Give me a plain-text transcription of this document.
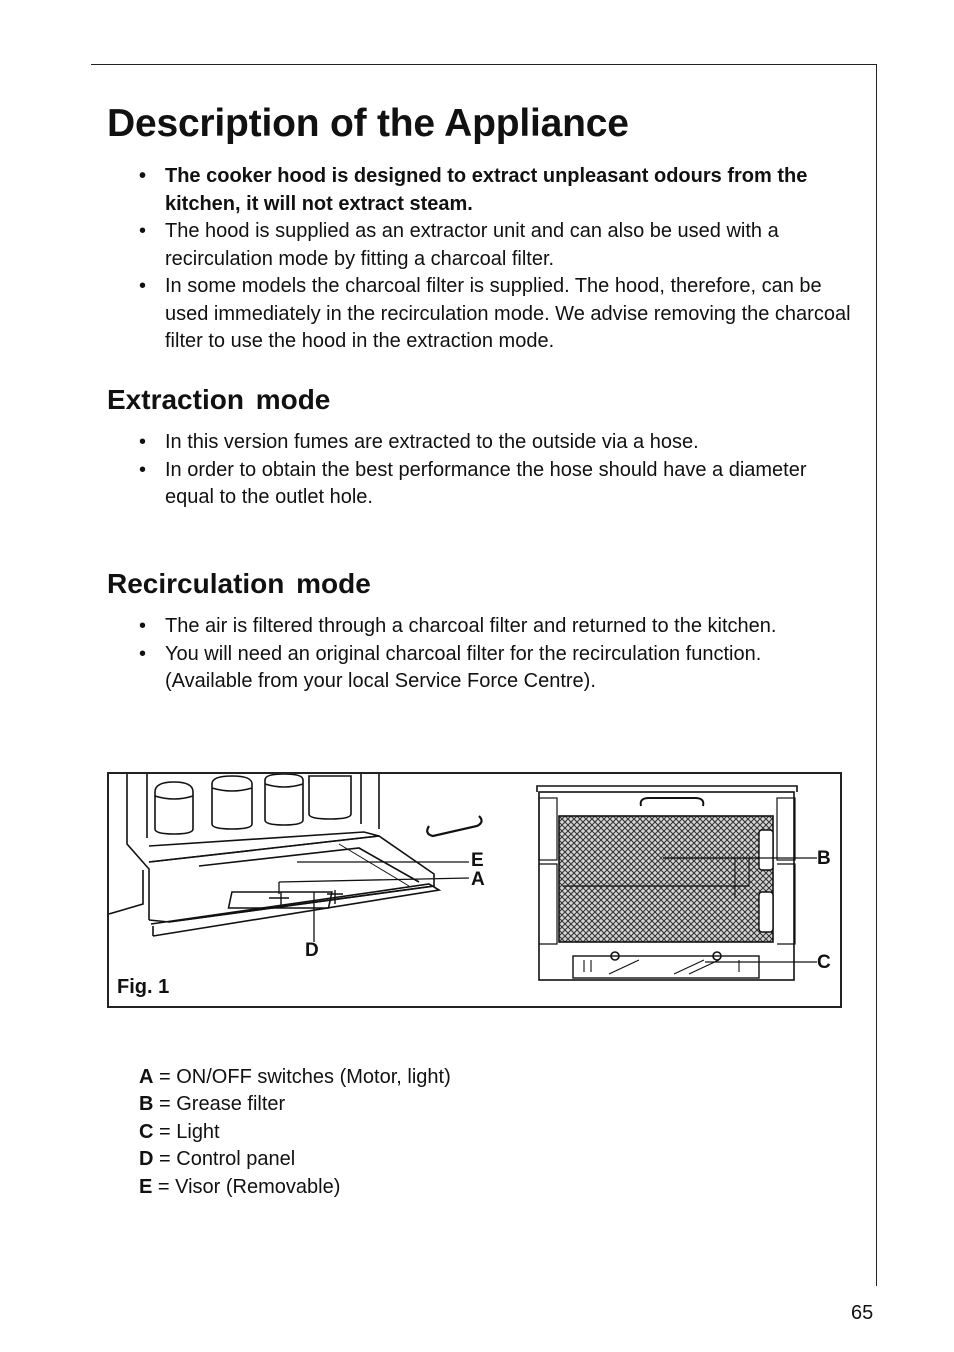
Description of the Appliance
• The cooker hood is designed to extract unpleasant odours from the kitchen, it will not extract steam.
• The hood is supplied as an extractor unit and can also be used with a recirculation mode by fitting a charcoal filter.
• In some models the charcoal filter is supplied. The hood, therefore, can be used immediately in the recirculation mode. We advise removing the charcoal filter to use the hood in the extraction mode.
Extraction mode
• In this version fumes are extracted to the outside via a hose.
• In order to obtain the best performance the hose should have a diameter equal to the outlet hole.
Recirculation mode
• The air is filtered through a charcoal filter and returned to the kitchen.
• You will need an original charcoal filter for the recirculation function. (Available from your local Service Force Centre).
E
A
D
B
C
Fig. 1
A = ON/OFF switches (Motor, light)
B = Grease filter
C = Light
D = Control panel
E = Visor (Removable)
65
